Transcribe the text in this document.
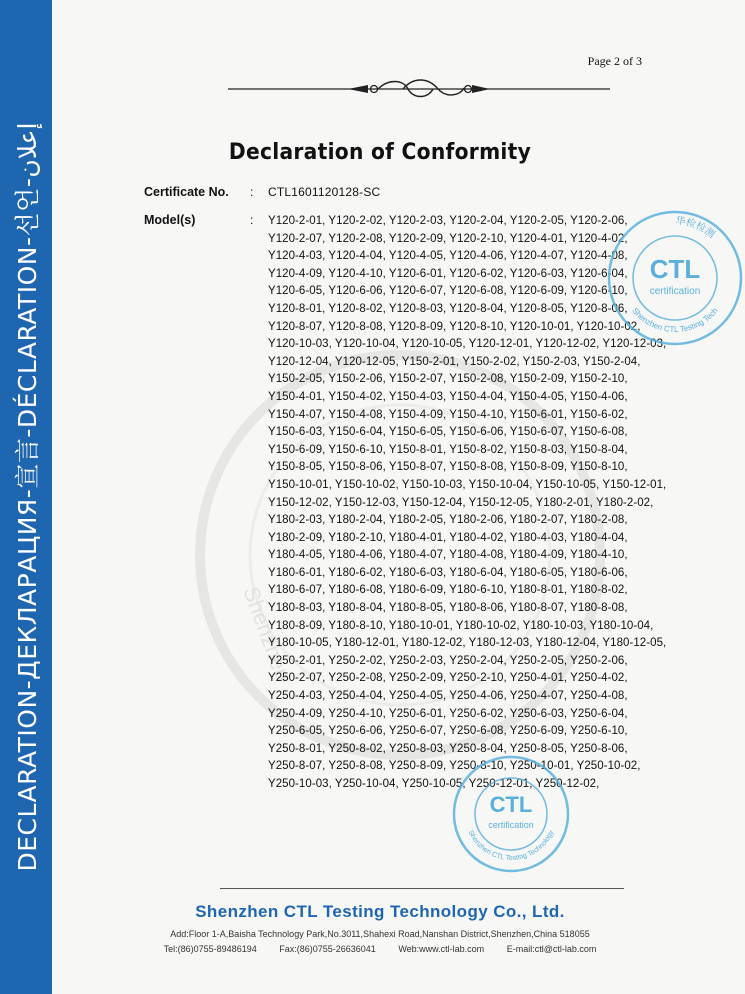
DECLARATION-ДЕКЛАРАЦИЯ-宣言-DÉCLARATION-선언-إعلان
Page 2 of 3
Shenzhen
Declaration of Conformity
Certificate No. : CTL1601120128-SC
Model(s)	: Y120-2-01, Y120-2-02, Y120-2-03, Y120-2-04, Y120-2-05, Y120-2-06,
Y120-2-07, Y120-2-08, Y120-2-09, Y120-2-10, Y120-4-01, Y120-4-02,
Y120-4-03, Y120-4-04, Y120-4-05, Y120-4-06, Y120-4-07, Y120-4-08,
Y120-4-09, Y120-4-10, Y120-6-01, Y120-6-02, Y120-6-03, Y120-6-04,
Y120-6-05, Y120-6-06, Y120-6-07, Y120-6-08, Y120-6-09, Y120-6-10,
Y120-8-01, Y120-8-02, Y120-8-03, Y120-8-04, Y120-8-05, Y120-8-06,
Y120-8-07, Y120-8-08, Y120-8-09, Y120-8-10, Y120-10-01, Y120-10-02,
Y120-10-03, Y120-10-04, Y120-10-05, Y120-12-01, Y120-12-02, Y120-12-03,
Y120-12-04, Y120-12-05, Y150-2-01, Y150-2-02, Y150-2-03, Y150-2-04,
Y150-2-05, Y150-2-06, Y150-2-07, Y150-2-08, Y150-2-09, Y150-2-10,
Y150-4-01, Y150-4-02, Y150-4-03, Y150-4-04, Y150-4-05, Y150-4-06,
Y150-4-07, Y150-4-08, Y150-4-09, Y150-4-10, Y150-6-01, Y150-6-02,
Y150-6-03, Y150-6-04, Y150-6-05, Y150-6-06, Y150-6-07, Y150-6-08,
Y150-6-09, Y150-6-10, Y150-8-01, Y150-8-02, Y150-8-03, Y150-8-04,
Y150-8-05, Y150-8-06, Y150-8-07, Y150-8-08, Y150-8-09, Y150-8-10,
Y150-10-01, Y150-10-02, Y150-10-03, Y150-10-04, Y150-10-05, Y150-12-01,
Y150-12-02, Y150-12-03, Y150-12-04, Y150-12-05, Y180-2-01, Y180-2-02,
Y180-2-03, Y180-2-04, Y180-2-05, Y180-2-06, Y180-2-07, Y180-2-08,
Y180-2-09, Y180-2-10, Y180-4-01, Y180-4-02, Y180-4-03, Y180-4-04,
Y180-4-05, Y180-4-06, Y180-4-07, Y180-4-08, Y180-4-09, Y180-4-10,
Y180-6-01, Y180-6-02, Y180-6-03, Y180-6-04, Y180-6-05, Y180-6-06,
Y180-6-07, Y180-6-08, Y180-6-09, Y180-6-10, Y180-8-01, Y180-8-02,
Y180-8-03, Y180-8-04, Y180-8-05, Y180-8-06, Y180-8-07, Y180-8-08,
Y180-8-09, Y180-8-10, Y180-10-01, Y180-10-02, Y180-10-03, Y180-10-04,
Y180-10-05, Y180-12-01, Y180-12-02, Y180-12-03, Y180-12-04, Y180-12-05,
Y250-2-01, Y250-2-02, Y250-2-03, Y250-2-04, Y250-2-05, Y250-2-06,
Y250-2-07, Y250-2-08, Y250-2-09, Y250-2-10, Y250-4-01, Y250-4-02,
Y250-4-03, Y250-4-04, Y250-4-05, Y250-4-06, Y250-4-07, Y250-4-08,
Y250-4-09, Y250-4-10, Y250-6-01, Y250-6-02, Y250-6-03, Y250-6-04,
Y250-6-05, Y250-6-06, Y250-6-07, Y250-6-08, Y250-6-09, Y250-6-10,
Y250-8-01, Y250-8-02, Y250-8-03, Y250-8-04, Y250-8-05, Y250-8-06,
Y250-8-07, Y250-8-08, Y250-8-09, Y250-8-10, Y250-10-01, Y250-10-02,
Y250-10-03, Y250-10-04, Y250-10-05, Y250-12-01, Y250-12-02,
华检检测
CTL
certification
Shenzhen CTL Testing Tech
CTL
certification
Shenzhen CTL Testing Technology
Shenzhen CTL Testing Technology Co., Ltd.
Add:Floor 1-A,Baisha Technology Park,No.3011,Shahexi Road,Nanshan District,Shenzhen,China 518055
Tel:(86)0755-89486194	Fax:(86)0755-26636041	Web:www.ctl-lab.com	E-mail:ctl@ctl-lab.com
